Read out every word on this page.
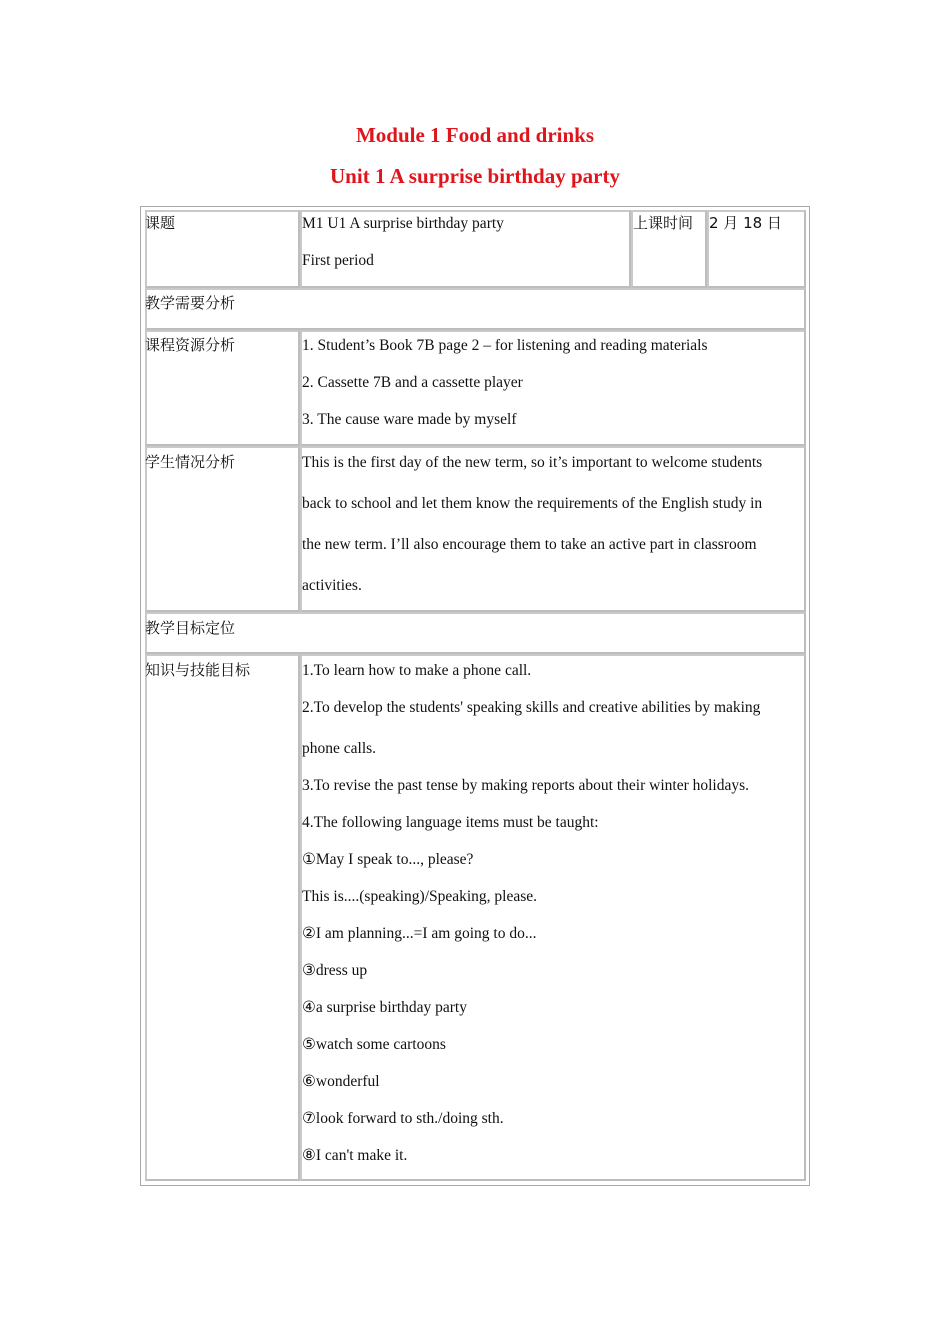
Module 1 Food and drinks
Unit 1 A surprise birthday party
课题	M1 U1 A surprise birthday party
First period
上课时间 2 月 18 日
教学需要分析
课程资源分析	1. Student’s Book 7B page 2 – for listening and reading materials
2. Cassette 7B and a cassette player
3. The cause ware made by myself
学生情况分析	This is the first day of the new term, so it’s important to welcome students
back to school and let them know the requirements of the English study in
the new term. I’ll also encourage them to take an active part in classroom
activities.
教学目标定位
知识与技能目标	1.To learn how to make a phone call.
2.To develop the students' speaking skills and creative abilities by making
phone calls.
3.To revise the past tense by making reports about their winter holidays.
4.The following language items must be taught:
①May I speak to..., please?
This is....(speaking)/Speaking, please.
②I am planning...=I am going to do...
③dress up
④a surprise birthday party
⑤watch some cartoons
⑥wonderful
⑦look forward to sth./doing sth.
⑧I can't make it.
